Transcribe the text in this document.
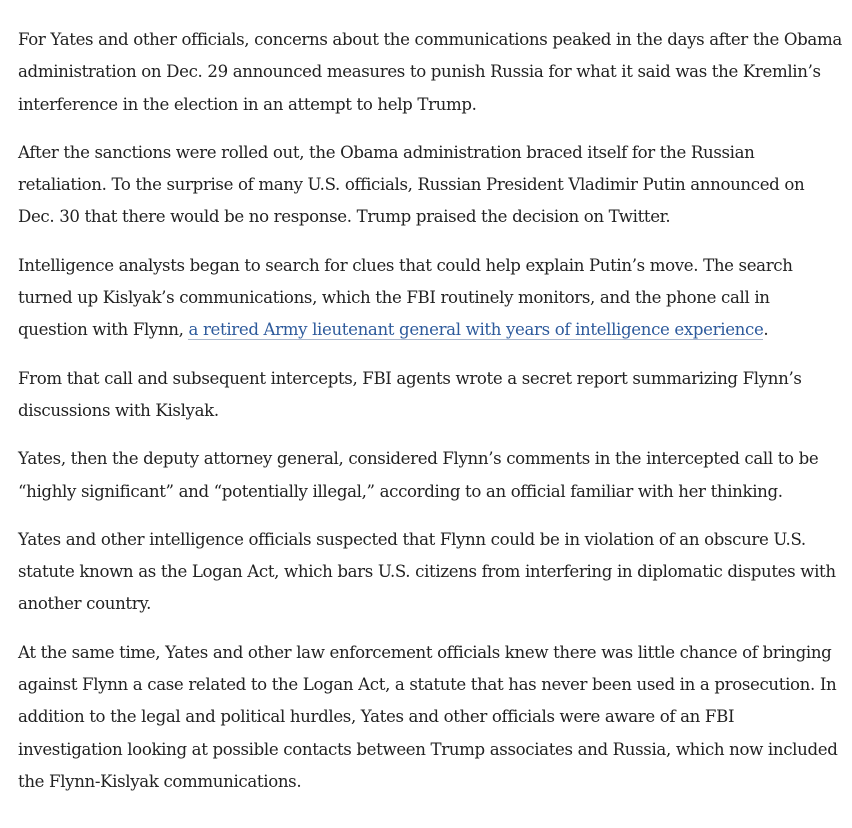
For Yates and other officials, concerns about the communications peaked in the days after the Obama administration on Dec. 29 announced measures to punish Russia for what it said was the Kremlin’s interference in the election in an attempt to help Trump.

After the sanctions were rolled out, the Obama administration braced itself for the Russian retaliation. To the surprise of many U.S. officials, Russian President Vladimir Putin announced on Dec. 30 that there would be no response. Trump praised the decision on Twitter.

Intelligence analysts began to search for clues that could help explain Putin’s move. The search turned up Kislyak’s communications, which the FBI routinely monitors, and the phone call in question with Flynn, a retired Army lieutenant general with years of intelligence experience.

From that call and subsequent intercepts, FBI agents wrote a secret report summarizing Flynn’s discussions with Kislyak.

Yates, then the deputy attorney general, considered Flynn’s comments in the intercepted call to be “highly significant” and “potentially illegal,” according to an official familiar with her thinking.

Yates and other intelligence officials suspected that Flynn could be in violation of an obscure U.S. statute known as the Logan Act, which bars U.S. citizens from interfering in diplomatic disputes with another country.

At the same time, Yates and other law enforcement officials knew there was little chance of bringing against Flynn a case related to the Logan Act, a statute that has never been used in a prosecution. In addition to the legal and political hurdles, Yates and other officials were aware of an FBI investigation looking at possible contacts between Trump associates and Russia, which now included the Flynn-Kislyak communications.
